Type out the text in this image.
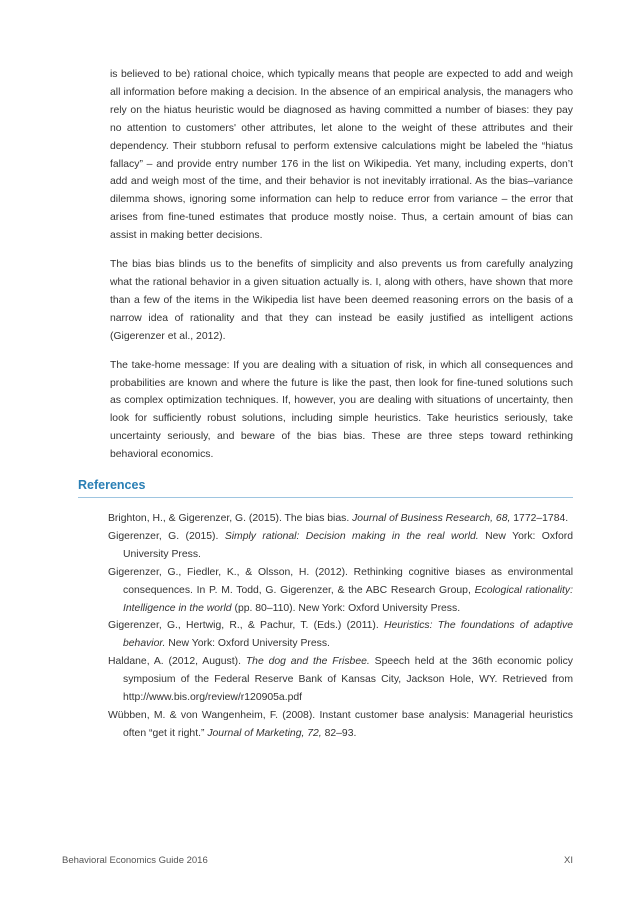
is believed to be) rational choice, which typically means that people are expected to add and weigh all information before making a decision. In the absence of an empirical analysis, the managers who rely on the hiatus heuristic would be diagnosed as having committed a number of biases: they pay no attention to customers' other attributes, let alone to the weight of these attributes and their dependency. Their stubborn refusal to perform extensive calculations might be labeled the “hiatus fallacy” – and provide entry number 176 in the list on Wikipedia. Yet many, including experts, don’t add and weigh most of the time, and their behavior is not inevitably irrational. As the bias–variance dilemma shows, ignoring some information can help to reduce error from variance – the error that arises from fine-tuned estimates that produce mostly noise. Thus, a certain amount of bias can assist in making better decisions.

The bias bias blinds us to the benefits of simplicity and also prevents us from carefully analyzing what the rational behavior in a given situation actually is. I, along with others, have shown that more than a few of the items in the Wikipedia list have been deemed reasoning errors on the basis of a narrow idea of rationality and that they can instead be easily justified as intelligent actions (Gigerenzer et al., 2012).

The take-home message: If you are dealing with a situation of risk, in which all consequences and probabilities are known and where the future is like the past, then look for fine-tuned solutions such as complex optimization techniques. If, however, you are dealing with situations of uncertainty, then look for sufficiently robust solutions, including simple heuristics. Take heuristics seriously, take uncertainty seriously, and beware of the bias bias. These are three steps toward rethinking behavioral economics.

References
Brighton, H., & Gigerenzer, G. (2015). The bias bias. Journal of Business Research, 68, 1772–1784.
Gigerenzer, G. (2015). Simply rational: Decision making in the real world. New York: Oxford University Press.
Gigerenzer, G., Fiedler, K., & Olsson, H. (2012). Rethinking cognitive biases as environmental consequences. In P. M. Todd, G. Gigerenzer, & the ABC Research Group, Ecological rationality: Intelligence in the world (pp. 80–110). New York: Oxford University Press.
Gigerenzer, G., Hertwig, R., & Pachur, T. (Eds.) (2011). Heuristics: The foundations of adaptive behavior. New York: Oxford University Press.
Haldane, A. (2012, August). The dog and the Frisbee. Speech held at the 36th economic policy symposium of the Federal Reserve Bank of Kansas City, Jackson Hole, WY. Retrieved from http://www.bis.org/review/r120905a.pdf
Wübben, M. & von Wangenheim, F. (2008). Instant customer base analysis: Managerial heuristics often “get it right.” Journal of Marketing, 72, 82–93.
Behavioral Economics Guide 2016	XI
